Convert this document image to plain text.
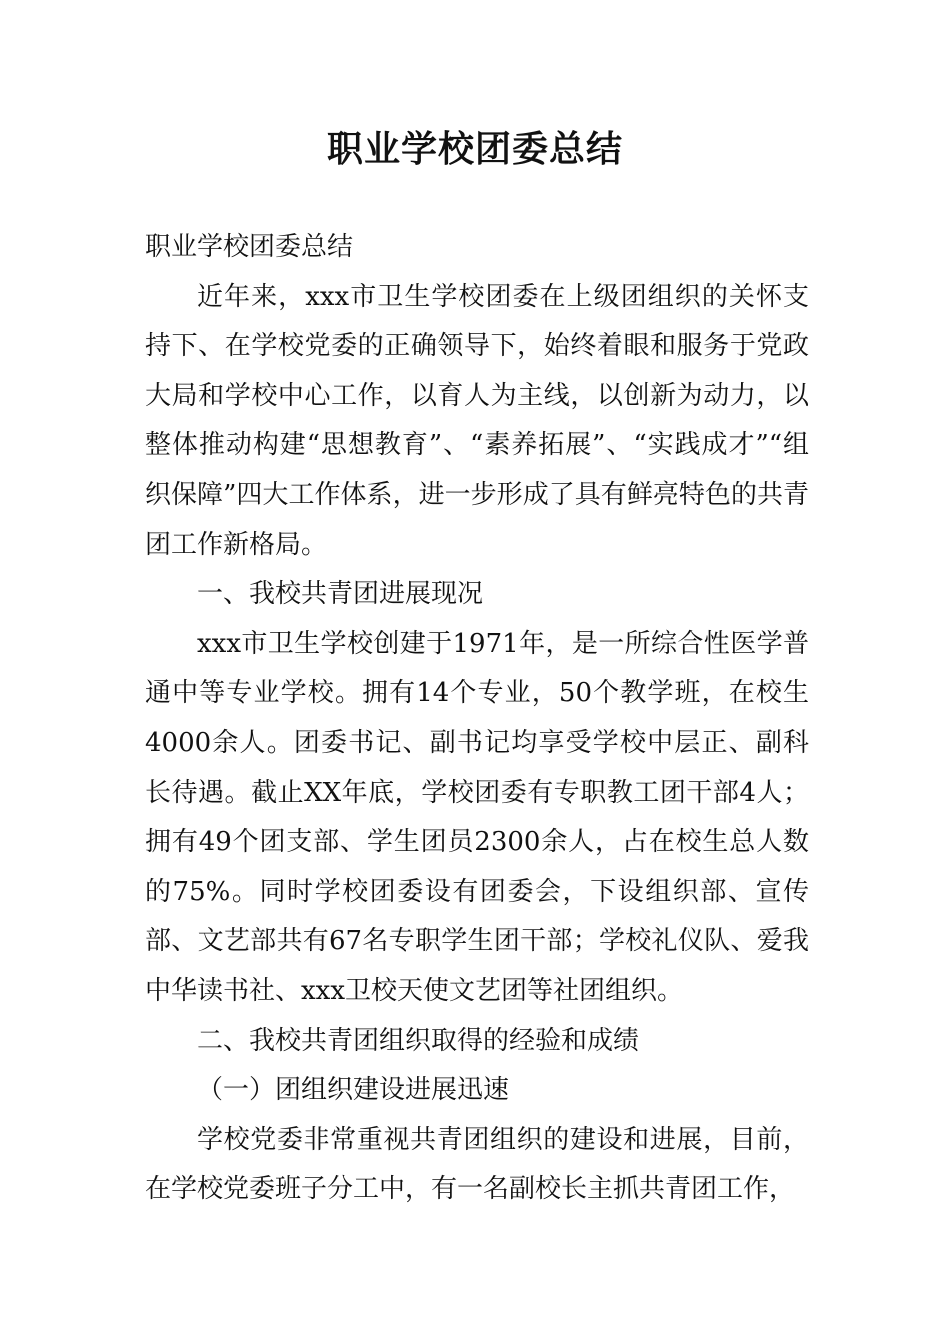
职业学校团委总结

职业学校团委总结

近年来，xxx市卫生学校团委在上级团组织的关怀支持下、在学校党委的正确领导下，始终着眼和服务于党政大局和学校中心工作，以育人为主线，以创新为动力，以整体推动构建“思想教育”、“素养拓展”、“实践成才”“组织保障”四大工作体系，进一步形成了具有鲜亮特色的共青团工作新格局。

一、我校共青团进展现况

xxx市卫生学校创建于1971年，是一所综合性医学普通中等专业学校。拥有14个专业，50个教学班，在校生4000余人。团委书记、副书记均享受学校中层正、副科长待遇。截止XX年底，学校团委有专职教工团干部4人；拥有49个团支部、学生团员2300余人，占在校生总人数的75%。同时学校团委设有团委会，下设组织部、宣传部、文艺部共有67名专职学生团干部；学校礼仪队、爱我中华读书社、xxx卫校天使文艺团等社团组织。

二、我校共青团组织取得的经验和成绩

（一）团组织建设进展迅速

学校党委非常重视共青团组织的建设和进展，目前，在学校党委班子分工中，有一名副校长主抓共青团工作，
